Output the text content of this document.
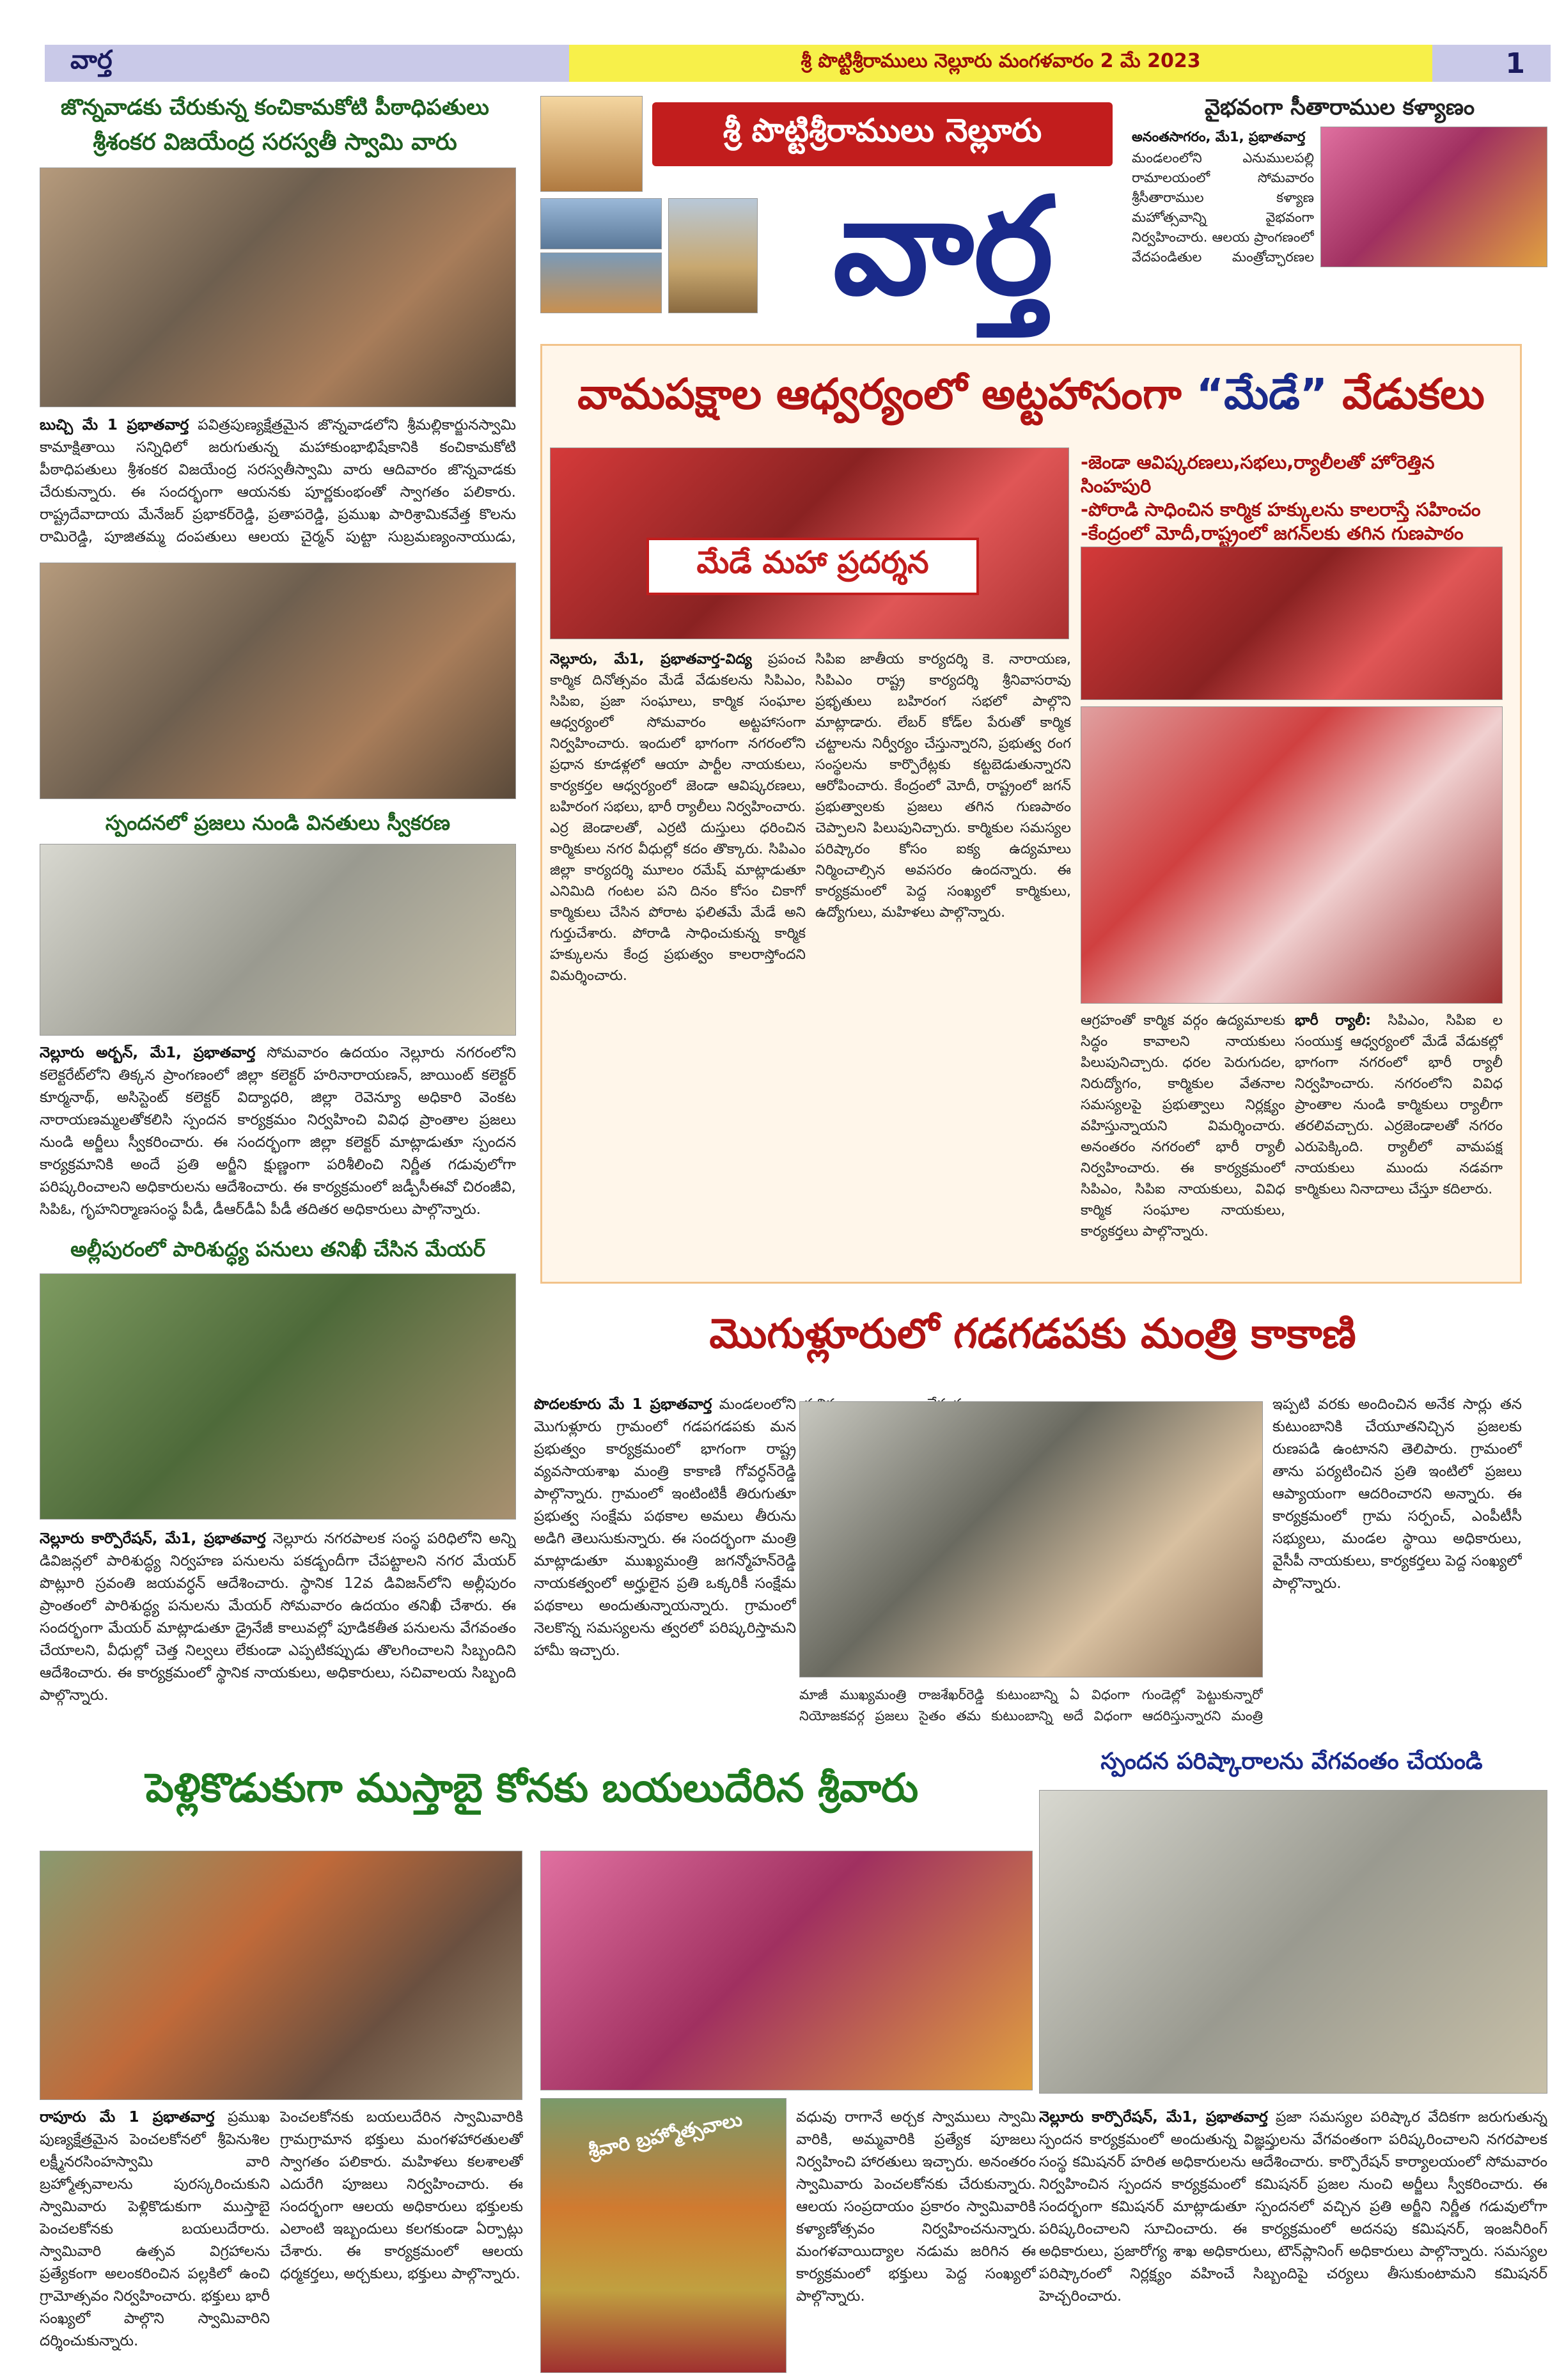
వార్త	శ్రీ పొట్టిశ్రీరాములు నెల్లూరు మంగళవారం 2 మే 2023	1
జొన్నవాడకు చేరుకున్న కంచికామకోటి పీఠాధిపతులు
శ్రీశంకర విజయేంద్ర సరస్వతీ స్వామి వారు
బుచ్చి మే 1 ప్రభాతవార్త పవిత్రపుణ్యక్షేత్రమైన జొన్నవాడలోని శ్రీమల్లికార్జునస్వామి కామాక్షితాయి సన్నిధిలో జరుగుతున్న మహాకుంభాభిషేకానికి కంచికామకోటి పీఠాధిపతులు శ్రీశంకర విజయేంద్ర సరస్వతీస్వామి వారు ఆదివారం జొన్నవాడకు చేరుకున్నారు. ఈ సందర్భంగా ఆయనకు పూర్ణకుంభంతో స్వాగతం పలికారు. రాష్ట్రదేవాదాయ మేనేజర్ ప్రభాకర్‌రెడ్డి, ప్రతాపరెడ్డి, ప్రముఖ పారిశ్రామికవేత్త కొలను రామిరెడ్డి, పూజితమ్మ దంపతులు ఆలయ చైర్మన్ పుట్టా సుబ్రమణ్యంనాయుడు,
స్పందనలో ప్రజలు నుండి వినతులు స్వీకరణ
నెల్లూరు అర్బన్, మే1, ప్రభాతవార్త సోమవారం ఉదయం నెల్లూరు నగరంలోని కలెక్టరేట్‌లోని తిక్కన ప్రాంగణంలో జిల్లా కలెక్టర్ హరినారాయణన్, జాయింట్ కలెక్టర్ కూర్మనాథ్, అసిస్టెంట్ కలెక్టర్ విద్యాధరి, జిల్లా రెవెన్యూ అధికారి వెంకట నారాయణమ్మలతోకలిసి స్పందన కార్యక్రమం నిర్వహించి వివిధ ప్రాంతాల ప్రజలు నుండి అర్జీలు స్వీకరించారు. ఈ సందర్భంగా జిల్లా కలెక్టర్ మాట్లాడుతూ స్పందన కార్యక్రమానికి అందే ప్రతి అర్జీని క్షుణ్ణంగా పరిశీలించి నిర్ణీత గడువులోగా పరిష్కరించాలని అధికారులను ఆదేశించారు. ఈ కార్యక్రమంలో జడ్పీసీఈవో చిరంజీవి, సిపిఓ, గృహనిర్మాణసంస్థ పీడీ, డీఆర్‌డీఏ పీడీ తదితర అధికారులు పాల్గొన్నారు.
అల్లీపురంలో పారిశుద్ధ్య పనులు తనిఖీ చేసిన మేయర్
నెల్లూరు కార్పొరేషన్, మే1, ప్రభాతవార్త నెల్లూరు నగరపాలక సంస్థ పరిధిలోని అన్ని డివిజన్లలో పారిశుద్ధ్య నిర్వహణ పనులను పకడ్బందీగా చేపట్టాలని నగర మేయర్ పొట్లూరి స్రవంతి జయవర్ధన్ ఆదేశించారు. స్థానిక 12వ డివిజన్‌లోని అల్లీపురం ప్రాంతంలో పారిశుద్ధ్య పనులను మేయర్ సోమవారం ఉదయం తనిఖీ చేశారు. ఈ సందర్భంగా మేయర్ మాట్లాడుతూ డ్రైనేజీ కాలువల్లో పూడికతీత పనులను వేగవంతం చేయాలని, వీధుల్లో చెత్త నిల్వలు లేకుండా ఎప్పటికప్పుడు తొలగించాలని సిబ్బందిని ఆదేశించారు. ఈ కార్యక్రమంలో స్థానిక నాయకులు, అధికారులు, సచివాలయ సిబ్బంది పాల్గొన్నారు.
శ్రీ పొట్టిశ్రీరాములు నెల్లూరు
వార్త
వైభవంగా సీతారాముల కళ్యాణం
అనంతసాగరం, మే1, ప్రభాతవార్త
మండలంలోని ఎనుములపల్లి రామాలయంలో సోమవారం శ్రీసీతారాముల కళ్యాణ మహోత్సవాన్ని వైభవంగా నిర్వహించారు. ఆలయ ప్రాంగణంలో వేదపండితుల మంత్రోచ్ఛారణల
వామపక్షాల ఆధ్వర్యంలో అట్టహాసంగా “మేడే” వేడుకలు
-జెండా ఆవిష్కరణలు,సభలు,ర్యాలీలతో హోరెత్తిన సింహపురి
-పోరాడి సాధించిన కార్మిక హక్కులను కాలరాస్తే సహించం
-కేంద్రంలో మోదీ,రాష్ట్రంలో జగన్‌లకు తగిన గుణపాఠం
మేడే మహా ప్రదర్శన
నెల్లూరు, మే1, ప్రభాతవార్త-విద్య ప్రపంచ కార్మిక దినోత్సవం మేడే వేడుకలను సిపిఎం, సిపిఐ, ప్రజా సంఘాలు, కార్మిక సంఘాల ఆధ్వర్యంలో సోమవారం అట్టహాసంగా నిర్వహించారు. ఇందులో భాగంగా నగరంలోని ప్రధాన కూడళ్లలో ఆయా పార్టీల నాయకులు, కార్యకర్తల ఆధ్వర్యంలో జెండా ఆవిష్కరణలు, బహిరంగ సభలు, భారీ ర్యాలీలు నిర్వహించారు. ఎర్ర జెండాలతో, ఎర్రటి దుస్తులు ధరించిన కార్మికులు నగర వీధుల్లో కదం తొక్కారు. సిపిఎం జిల్లా కార్యదర్శి మూలం రమేష్ మాట్లాడుతూ ఎనిమిది గంటల పని దినం కోసం చికాగో కార్మికులు చేసిన పోరాట ఫలితమే మేడే అని గుర్తుచేశారు. పోరాడి సాధించుకున్న కార్మిక హక్కులను కేంద్ర ప్రభుత్వం కాలరాస్తోందని విమర్శించారు.
సిపిఐ జాతీయ కార్యదర్శి కె. నారాయణ, సిపిఎం రాష్ట్ర కార్యదర్శి శ్రీనివాసరావు ప్రభృతులు బహిరంగ సభలో పాల్గొని మాట్లాడారు. లేబర్ కోడ్‌ల పేరుతో కార్మిక చట్టాలను నిర్వీర్యం చేస్తున్నారని, ప్రభుత్వ రంగ సంస్థలను కార్పొరేట్లకు కట్టబెడుతున్నారని ఆరోపించారు. కేంద్రంలో మోదీ, రాష్ట్రంలో జగన్ ప్రభుత్వాలకు ప్రజలు తగిన గుణపాఠం చెప్పాలని పిలుపునిచ్చారు. కార్మికుల సమస్యల పరిష్కారం కోసం ఐక్య ఉద్యమాలు నిర్మించాల్సిన అవసరం ఉందన్నారు. ఈ కార్యక్రమంలో పెద్ద సంఖ్యలో కార్మికులు, ఉద్యోగులు, మహిళలు పాల్గొన్నారు.
ఆగ్రహంతో కార్మిక వర్గం ఉద్యమాలకు సిద్ధం కావాలని నాయకులు పిలుపునిచ్చారు. ధరల పెరుగుదల, నిరుద్యోగం, కార్మికుల వేతనాల సమస్యలపై ప్రభుత్వాలు నిర్లక్ష్యం వహిస్తున్నాయని విమర్శించారు. అనంతరం నగరంలో భారీ ర్యాలీ నిర్వహించారు. ఈ కార్యక్రమంలో సిపిఎం, సిపిఐ నాయకులు, వివిధ కార్మిక సంఘాల నాయకులు, కార్యకర్తలు పాల్గొన్నారు.
భారీ ర్యాలీ: సిపిఎం, సిపిఐ ల సంయుక్త ఆధ్వర్యంలో మేడే వేడుకల్లో భాగంగా నగరంలో భారీ ర్యాలీ నిర్వహించారు. నగరంలోని వివిధ ప్రాంతాల నుండి కార్మికులు ర్యాలీగా తరలివచ్చారు. ఎర్రజెండాలతో నగరం ఎరుపెక్కింది. ర్యాలీలో వామపక్ష నాయకులు ముందు నడవగా కార్మికులు నినాదాలు చేస్తూ కదిలారు.
మొగుళ్లూరులో గడగడపకు మంత్రి కాకాణి
పొదలకూరు మే 1 ప్రభాతవార్త మండలంలోని మొగుళ్లూరు గ్రామంలో గడపగడపకు మన ప్రభుత్వం కార్యక్రమంలో భాగంగా రాష్ట్ర వ్యవసాయశాఖ మంత్రి కాకాణి గోవర్ధన్‌రెడ్డి పాల్గొన్నారు. గ్రామంలో ఇంటింటికీ తిరుగుతూ ప్రభుత్వ సంక్షేమ పథకాల అమలు తీరును అడిగి తెలుసుకున్నారు. ఈ సందర్భంగా మంత్రి మాట్లాడుతూ ముఖ్యమంత్రి జగన్మోహన్‌రెడ్డి నాయకత్వంలో అర్హులైన ప్రతి ఒక్కరికీ సంక్షేమ పథకాలు అందుతున్నాయన్నారు. గ్రామంలో నెలకొన్న సమస్యలను త్వరలో పరిష్కరిస్తామని హామీ ఇచ్చారు.
మాజీ ముఖ్యమంత్రి రాజశేఖర్‌రెడ్డి కుటుంబాన్ని ఏ విధంగా గుండెల్లో పెట్టుకున్నారో నియోజకవర్గ ప్రజలు సైతం తమ కుటుంబాన్ని అదే విధంగా ఆదరిస్తున్నారని మంత్రి
ఇప్పటి వరకు అందించిన అనేక సార్లు తన కుటుంబానికి చేయూతనిచ్చిన ప్రజలకు రుణపడి ఉంటానని తెలిపారు. గ్రామంలో తాను పర్యటించిన ప్రతి ఇంటిలో ప్రజలు ఆప్యాయంగా ఆదరించారని అన్నారు. ఈ కార్యక్రమంలో గ్రామ సర్పంచ్, ఎంపీటీసీ సభ్యులు, మండల స్థాయి అధికారులు, వైసీపీ నాయకులు, కార్యకర్తలు పెద్ద సంఖ్యలో పాల్గొన్నారు.
పెళ్లికొడుకుగా ముస్తాబై కోనకు బయలుదేరిన శ్రీవారు
రాపూరు మే 1 ప్రభాతవార్త ప్రముఖ పుణ్యక్షేత్రమైన పెంచలకోనలో శ్రీపెనుశిల లక్ష్మీనరసింహస్వామి వారి బ్రహ్మోత్సవాలను పురస్కరించుకుని స్వామివారు పెళ్లికొడుకుగా ముస్తాబై పెంచలకోనకు బయలుదేరారు. స్వామివారి ఉత్సవ విగ్రహాలను ప్రత్యేకంగా అలంకరించిన పల్లకిలో ఉంచి గ్రామోత్సవం నిర్వహించారు. భక్తులు భారీ సంఖ్యలో పాల్గొని స్వామివారిని దర్శించుకున్నారు.
పెంచలకోనకు బయలుదేరిన స్వామివారికి గ్రామగ్రామాన భక్తులు మంగళహారతులతో స్వాగతం పలికారు. మహిళలు కలశాలతో ఎదురేగి పూజలు నిర్వహించారు. ఈ సందర్భంగా ఆలయ అధికారులు భక్తులకు ఎలాంటి ఇబ్బందులు కలగకుండా ఏర్పాట్లు చేశారు. ఈ కార్యక్రమంలో ఆలయ ధర్మకర్తలు, అర్చకులు, భక్తులు పాల్గొన్నారు.
శ్రీవారి బ్రహ్మోత్సవాలు	వధువు రాగానే అర్చక స్వాములు స్వామి వారికి, అమ్మవారికి ప్రత్యేక పూజలు నిర్వహించి హారతులు ఇచ్చారు. అనంతరం స్వామివారు పెంచలకోనకు చేరుకున్నారు. ఆలయ సంప్రదాయం ప్రకారం స్వామివారికి కళ్యాణోత్సవం నిర్వహించనున్నారు. మంగళవాయిద్యాల నడుమ జరిగిన ఈ కార్యక్రమంలో భక్తులు పెద్ద సంఖ్యలో పాల్గొన్నారు.
స్పందన పరిష్కారాలను వేగవంతం చేయండి
నెల్లూరు కార్పొరేషన్, మే1, ప్రభాతవార్త ప్రజా సమస్యల పరిష్కార వేదికగా జరుగుతున్న స్పందన కార్యక్రమంలో అందుతున్న విజ్ఞప్తులను వేగవంతంగా పరిష్కరించాలని నగరపాలక సంస్థ కమిషనర్ హరిత అధికారులను ఆదేశించారు. కార్పొరేషన్ కార్యాలయంలో సోమవారం నిర్వహించిన స్పందన కార్యక్రమంలో కమిషనర్ ప్రజల నుంచి అర్జీలు స్వీకరించారు. ఈ సందర్భంగా కమిషనర్ మాట్లాడుతూ స్పందనలో వచ్చిన ప్రతి అర్జీని నిర్ణీత గడువులోగా పరిష్కరించాలని సూచించారు. ఈ కార్యక్రమంలో అదనపు కమిషనర్, ఇంజనీరింగ్ అధికారులు, ప్రజారోగ్య శాఖ అధికారులు, టౌన్‌ప్లానింగ్ అధికారులు పాల్గొన్నారు. సమస్యల పరిష్కారంలో నిర్లక్ష్యం వహించే సిబ్బందిపై చర్యలు తీసుకుంటామని కమిషనర్ హెచ్చరించారు.
